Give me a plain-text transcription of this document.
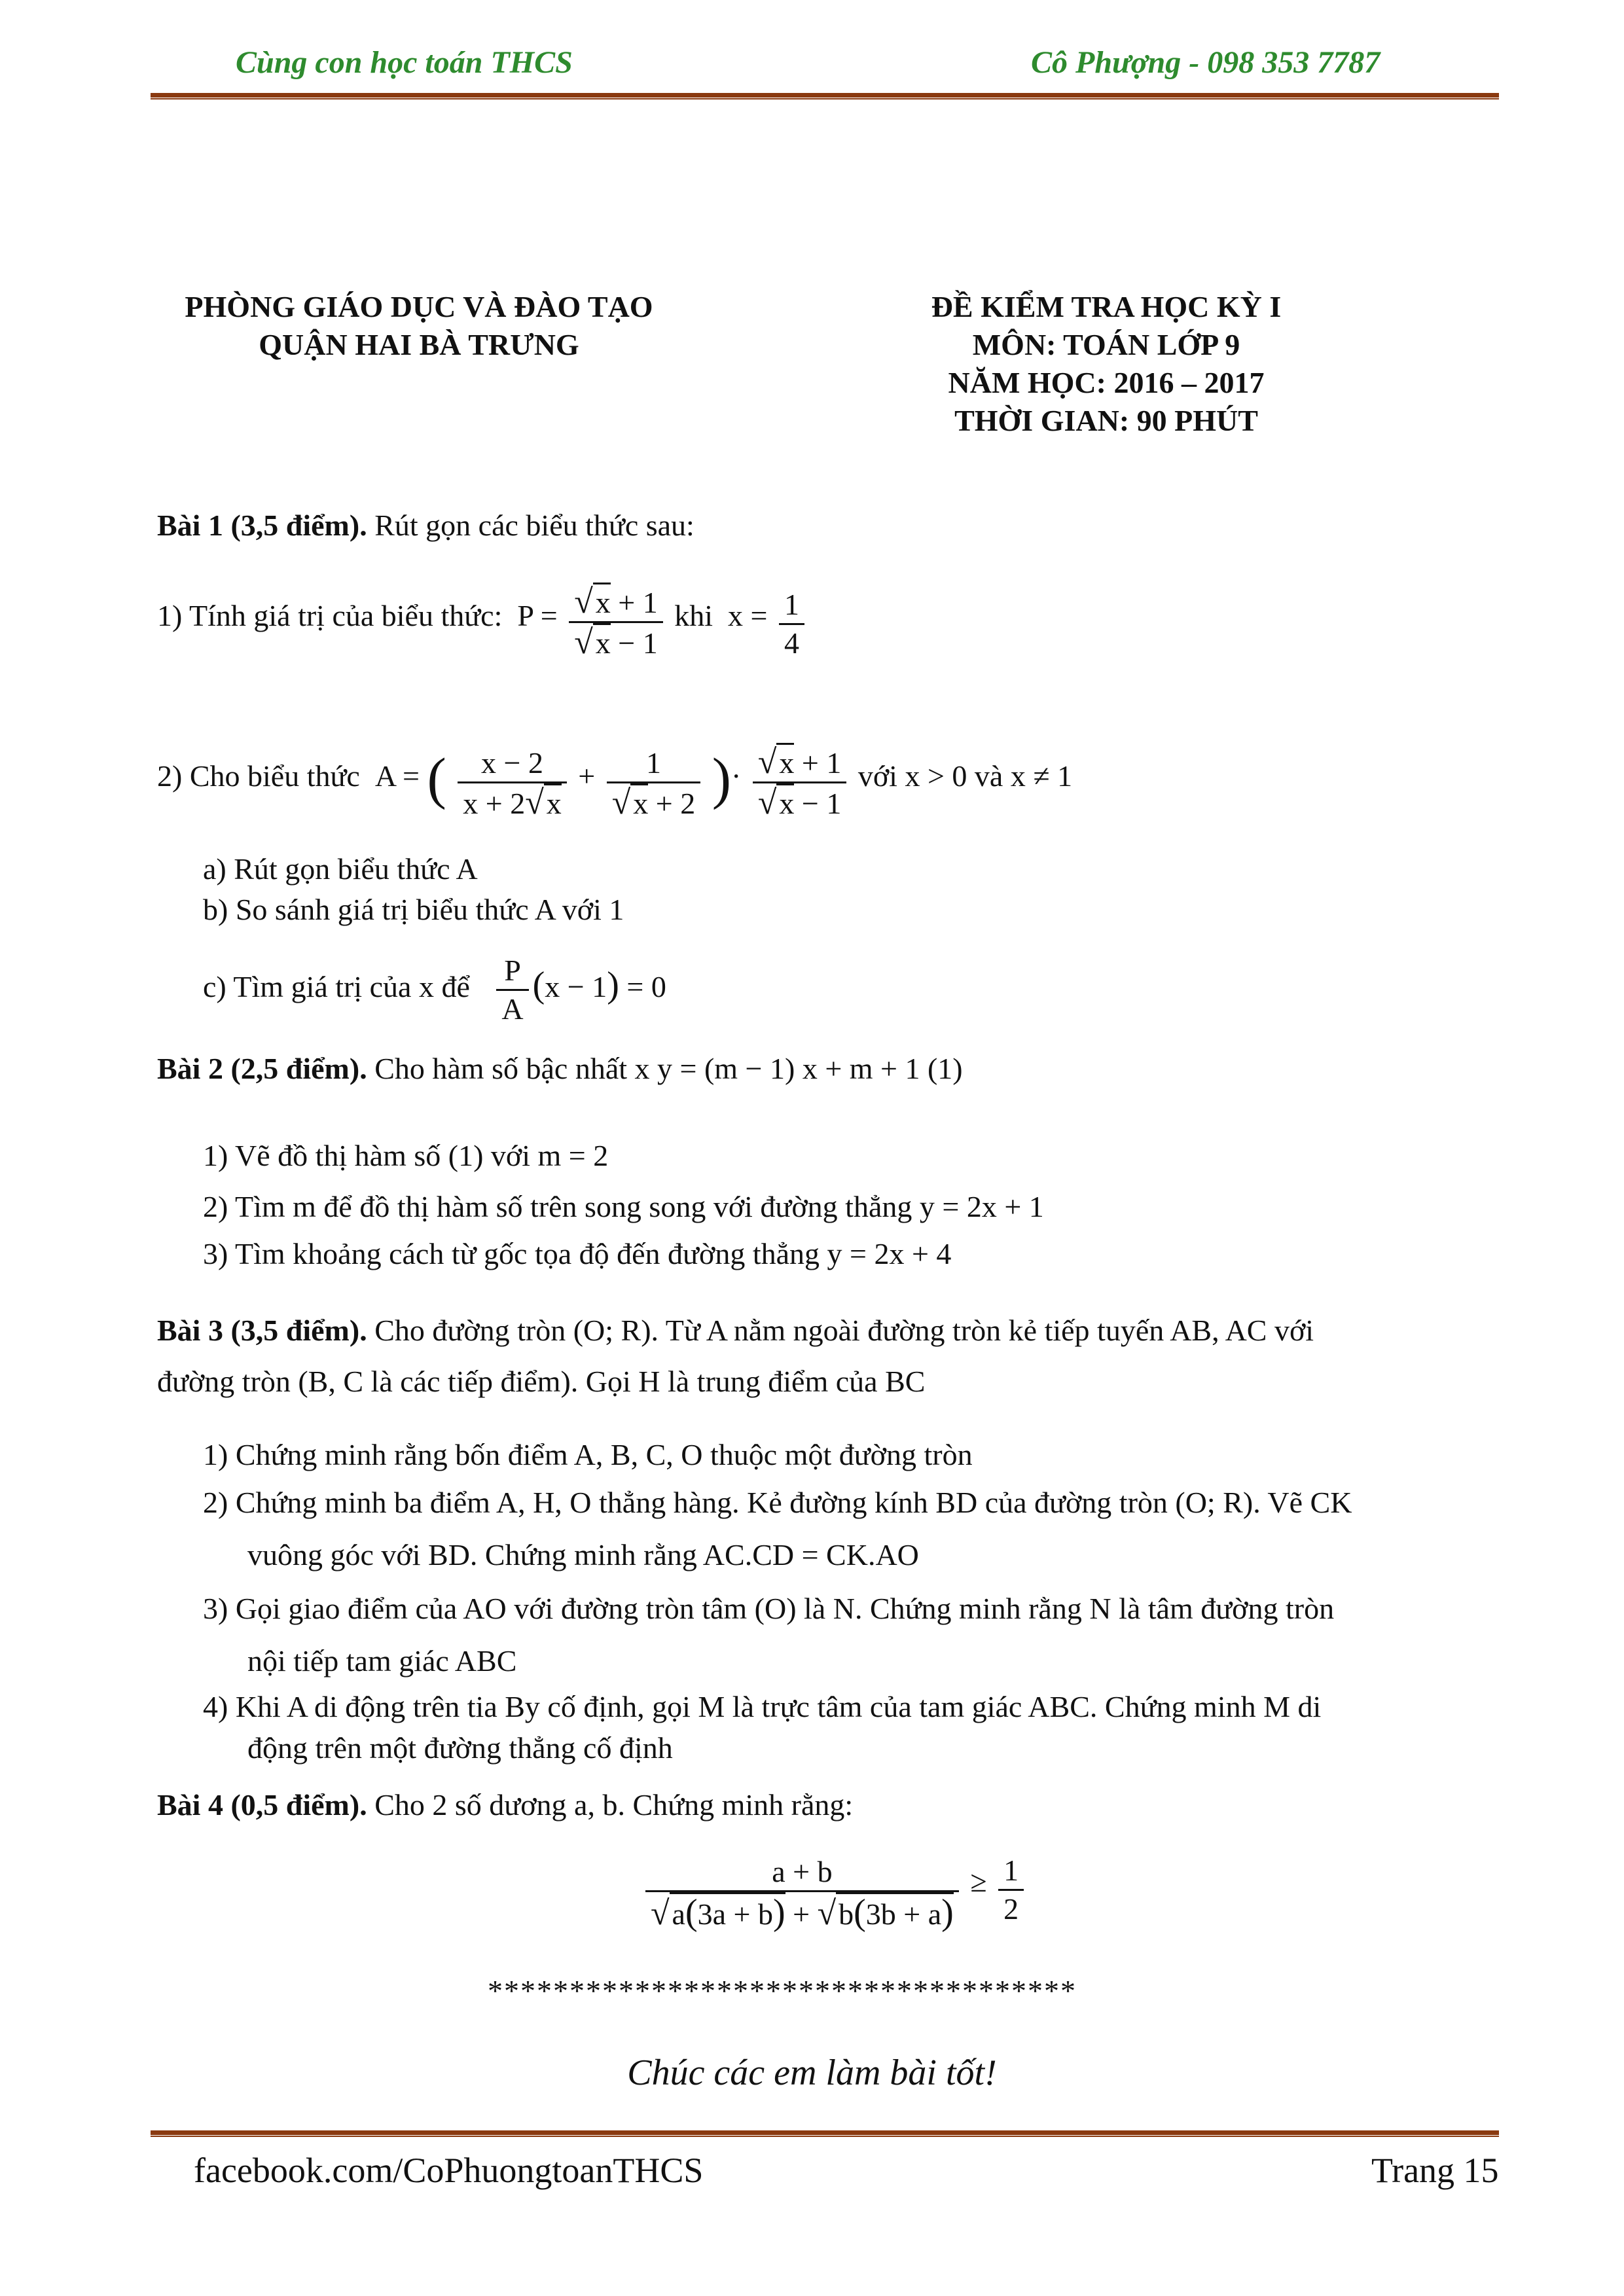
Cùng con học toán THCS	Cô Phượng - 098 353 7787
PHÒNG GIÁO DỤC VÀ ĐÀO TẠO
QUẬN HAI BÀ TRƯNG
ĐỀ KIỂM TRA HỌC KỲ I
MÔN: TOÁN LỚP 9
NĂM HỌC: 2016 – 2017
THỜI GIAN: 90 PHÚT
Bài 1 (3,5 điểm). Rút gọn các biểu thức sau:
1) Tính giá trị của biểu thức:  $P = \frac{√x + 1}{√x - 1}$ khi  $x = \frac{1}{4}$
2) Cho biểu thức  A = ( $\frac{x - 2}{x + 2√x} + \frac{1}{√x + 2}$ )· $\frac{√x + 1}{√x - 1}$ với x > 0 và x ≠ 1
a) Rút gọn biểu thức A
b) So sánh giá trị biểu thức A với 1
c) Tìm giá trị của x để $\frac{P}{A} (x - 1) = 0$
Bài 2 (2,5 điểm). Cho hàm số bậc nhất x y = (m − 1) x + m + 1 (1)
1) Vẽ đồ thị hàm số (1) với m = 2
2) Tìm m để đồ thị hàm số trên song song với đường thẳng y = 2x + 1
3) Tìm khoảng cách từ gốc tọa độ đến đường thẳng y = 2x + 4
Bài 3 (3,5 điểm). Cho đường tròn (O; R). Từ A nằm ngoài đường tròn kẻ tiếp tuyến AB, AC với
đường tròn (B, C là các tiếp điểm). Gọi H là trung điểm của BC
1) Chứng minh rằng bốn điểm A, B, C, O thuộc một đường tròn
2) Chứng minh ba điểm A, H, O thẳng hàng. Kẻ đường kính BD của đường tròn (O; R). Vẽ CK
vuông góc với BD. Chứng minh rằng AC.CD = CK.AO
3) Gọi giao điểm của AO với đường tròn tâm (O) là N. Chứng minh rằng N là tâm đường tròn
nội tiếp tam giác ABC
4) Khi A di động trên tia By cố định, gọi M là trực tâm của tam giác ABC. Chứng minh M di
động trên một đường thẳng cố định
Bài 4 (0,5 điểm). Cho 2 số dương a, b. Chứng minh rằng:
$\frac{a + b}{√a(3a + b) + √b(3b + a)} \ge \frac{1}{2}$
************************************
Chúc các em làm bài tốt!
facebook.com/CoPhuongtoanTHCS	Trang 15
